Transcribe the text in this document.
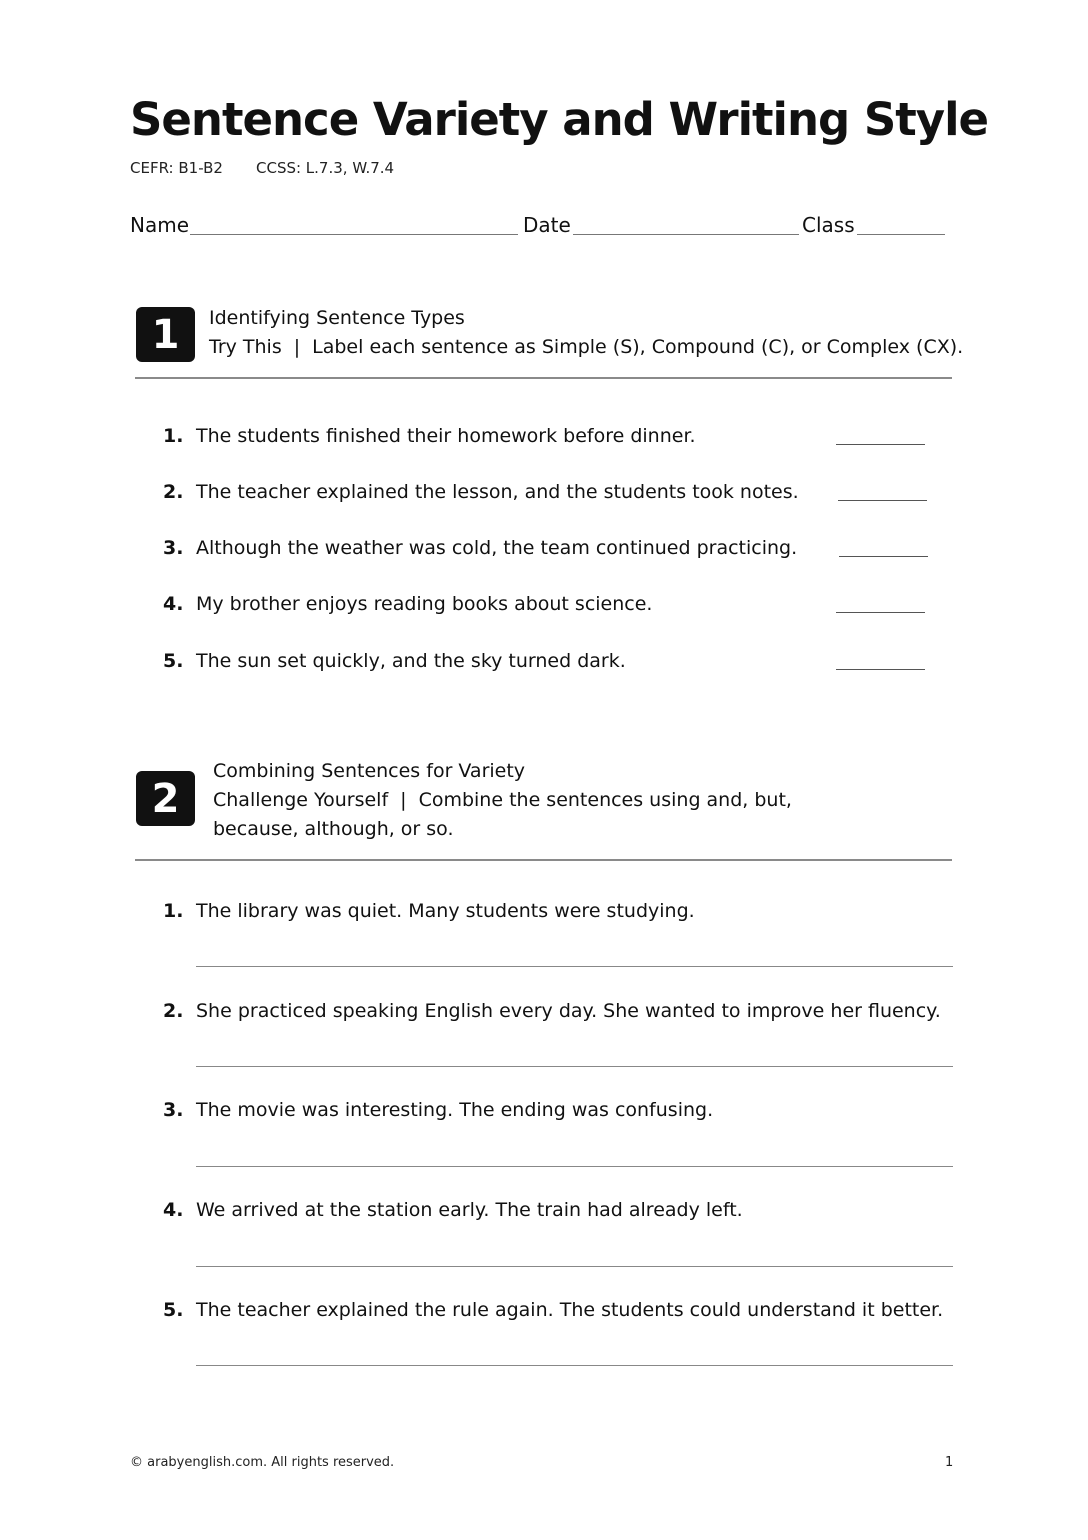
Sentence Variety and Writing Style
CEFR: B1-B2 CCSS: L.7.3, W.7.4
Name	Date	Class
1	Identifying Sentence Types
Try This | Label each sentence as Simple (S), Compound (C), or Complex (CX).
1. The students finished their homework before dinner.
2. The teacher explained the lesson, and the students took notes.
3. Although the weather was cold, the team continued practicing.
4. My brother enjoys reading books about science.
5. The sun set quickly, and the sky turned dark.
2
Combining Sentences for Variety
Challenge Yourself | Combine the sentences using and, but, because, although, or so.
1. The library was quiet. Many students were studying.
2. She practiced speaking English every day. She wanted to improve her fluency.
3. The movie was interesting. The ending was confusing.
4. We arrived at the station early. The train had already left.
5. The teacher explained the rule again. The students could understand it better.
© arabyenglish.com. All rights reserved.	1
